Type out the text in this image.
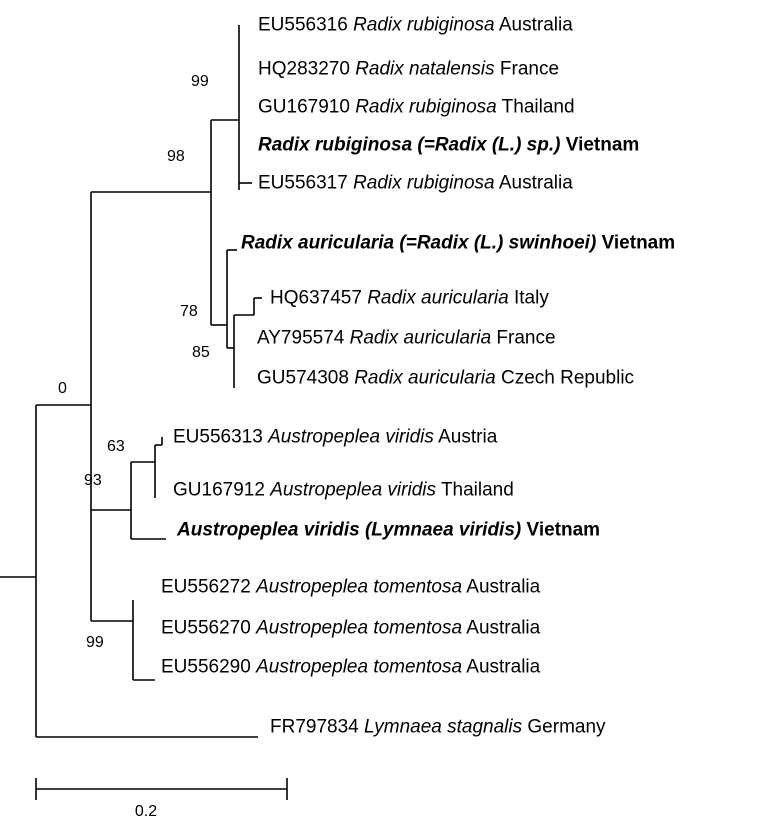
EU556316 Radix rubiginosa Australia
HQ283270 Radix natalensis France
GU167910 Radix rubiginosa Thailand
Radix rubiginosa (=Radix (L.) sp.) Vietnam
EU556317 Radix rubiginosa Australia
Radix auricularia (=Radix (L.) swinhoei) Vietnam
HQ637457 Radix auricularia Italy
AY795574 Radix auricularia France
GU574308 Radix auricularia Czech Republic
EU556313 Austropeplea viridis Austria
GU167912 Austropeplea viridis Thailand
Austropeplea viridis (Lymnaea viridis) Vietnam
EU556272 Austropeplea tomentosa Australia
EU556270 Austropeplea tomentosa Australia
EU556290 Austropeplea tomentosa Australia
FR797834 Lymnaea stagnalis Germany
99
98
78
85
0
63
93
99
0.2
